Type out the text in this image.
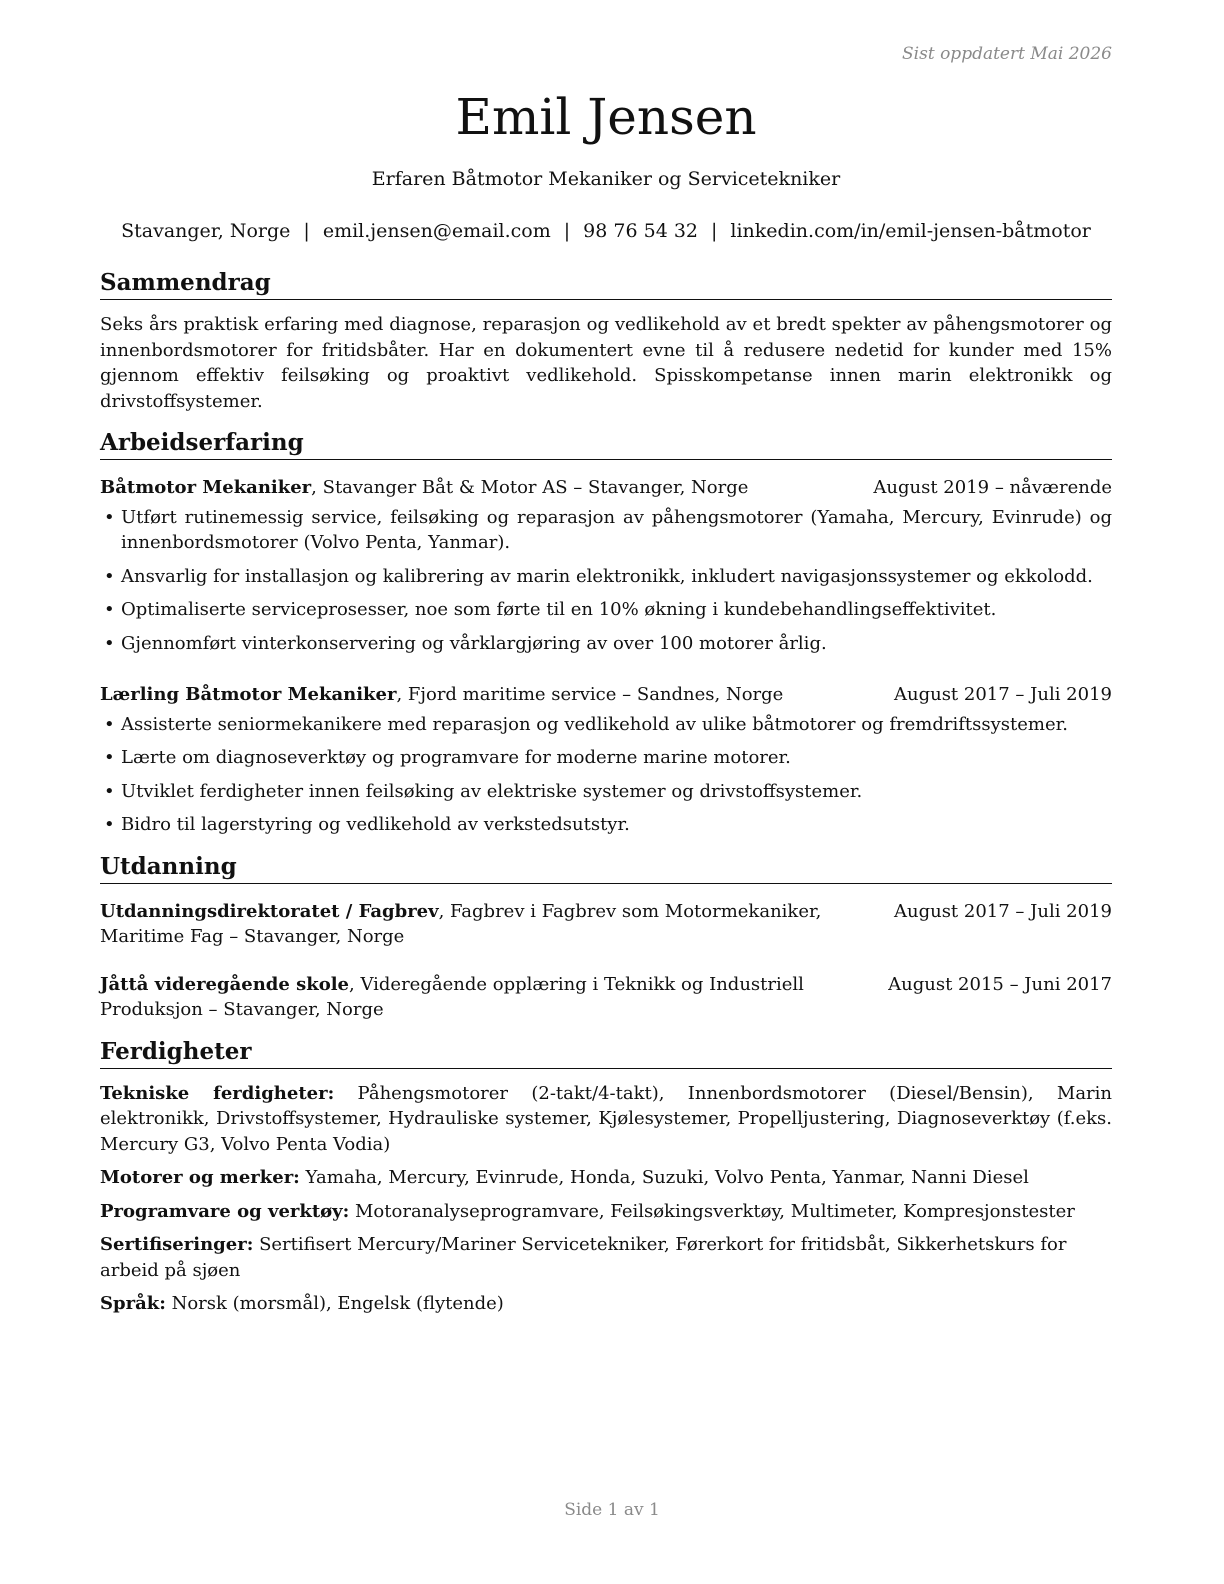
Sist oppdatert Mai 2026
Emil Jensen
Erfaren Båtmotor Mekaniker og Servicetekniker
Stavanger, Norge | emil.jensen@email.com | 98 76 54 32 | linkedin.com/in/emil-jensen-båtmotor
Sammendrag

Seks års praktisk erfaring med diagnose, reparasjon og vedlikehold av et bredt spekter av påhengsmotorer og innenbordsmotorer for fritidsbåter. Har en dokumentert evne til å redusere nedetid for kunder med 15% gjennom effektiv feilsøking og proaktivt vedlikehold. Spisskompetanse innen marin elektronikk og drivstoffsystemer.

Arbeidserfaring
Båtmotor Mekaniker, Stavanger Båt & Motor AS – Stavanger, Norge	August 2019 – nåværende
• Utført rutinemessig service, feilsøking og reparasjon av påhengsmotorer (Yamaha, Mercury, Evinrude) og innenbordsmotorer (Volvo Penta, Yanmar).
• Ansvarlig for installasjon og kalibrering av marin elektronikk, inkludert navigasjonssystemer og ekkolodd.
• Optimaliserte serviceprosesser, noe som førte til en 10% økning i kundebehandlingseffektivitet.
• Gjennomført vinterkonservering og vårklargjøring av over 100 motorer årlig.
Lærling Båtmotor Mekaniker, Fjord maritime service – Sandnes, Norge	August 2017 – Juli 2019
• Assisterte seniormekanikere med reparasjon og vedlikehold av ulike båtmotorer og fremdriftssystemer.
• Lærte om diagnoseverktøy og programvare for moderne marine motorer.
• Utviklet ferdigheter innen feilsøking av elektriske systemer og drivstoffsystemer.
• Bidro til lagerstyring og vedlikehold av verkstedsutstyr.
Utdanning
Utdanningsdirektoratet / Fagbrev, Fagbrev i Fagbrev som Motormekaniker, Maritime Fag – Stavanger, Norge
August 2017 – Juli 2019
Jåttå videregående skole, Videregående opplæring i Teknikk og Industriell Produksjon – Stavanger, Norge
August 2015 – Juni 2017
Ferdigheter

Tekniske ferdigheter: Påhengsmotorer (2-takt/4-takt), Innenbordsmotorer (Diesel/Bensin), Marin elektronikk, Drivstoffsystemer, Hydrauliske systemer, Kjølesystemer, Propelljustering, Diagnoseverktøy (f.eks. Mercury G3, Volvo Penta Vodia)

Motorer og merker: Yamaha, Mercury, Evinrude, Honda, Suzuki, Volvo Penta, Yanmar, Nanni Diesel

Programvare og verktøy: Motoranalyseprogramvare, Feilsøkingsverktøy, Multimeter, Kompresjonstester

Sertifiseringer: Sertifisert Mercury/Mariner Servicetekniker, Førerkort for fritidsbåt, Sikkerhetskurs for arbeid på sjøen

Språk: Norsk (morsmål), Engelsk (flytende)

Side 1 av 1
